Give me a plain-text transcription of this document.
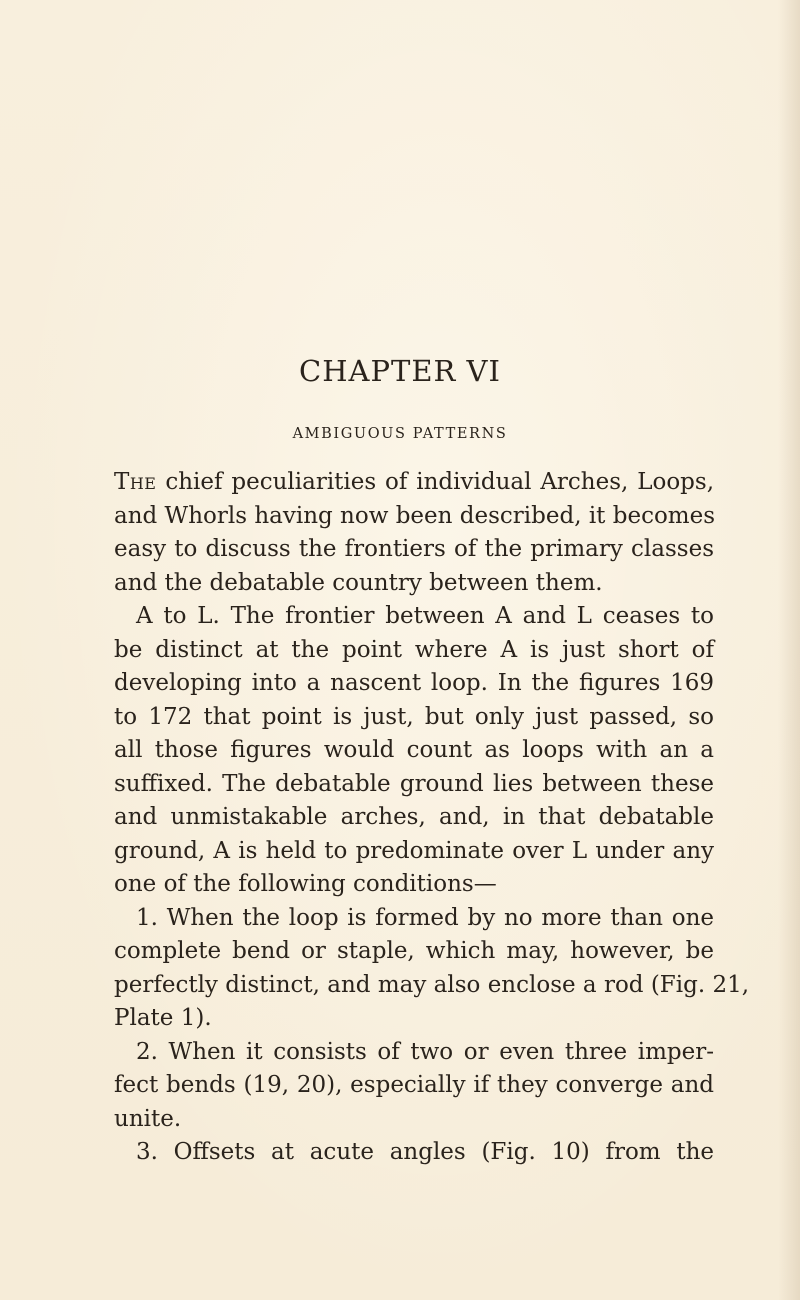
CHAPTER VI
AMBIGUOUS PATTERNS
The chief peculiarities of individual Arches, Loops,
and Whorls having now been described, it becomes
easy to discuss the frontiers of the primary classes
and the debatable country between them.
A to L. The frontier between A and L ceases to
be distinct at the point where A is just short of
developing into a nascent loop. In the figures 169
to 172 that point is just, but only just passed, so
all those figures would count as loops with an a
suffixed. The debatable ground lies between these
and unmistakable arches, and, in that debatable
ground, A is held to predominate over L under any
one of the following conditions—
1. When the loop is formed by no more than one
complete bend or staple, which may, however, be
perfectly distinct, and may also enclose a rod (Fig. 21,
Plate 1).
2. When it consists of two or even three imper-
fect bends (19, 20), especially if they converge and
unite.
3. Offsets at acute angles (Fig. 10) from the
